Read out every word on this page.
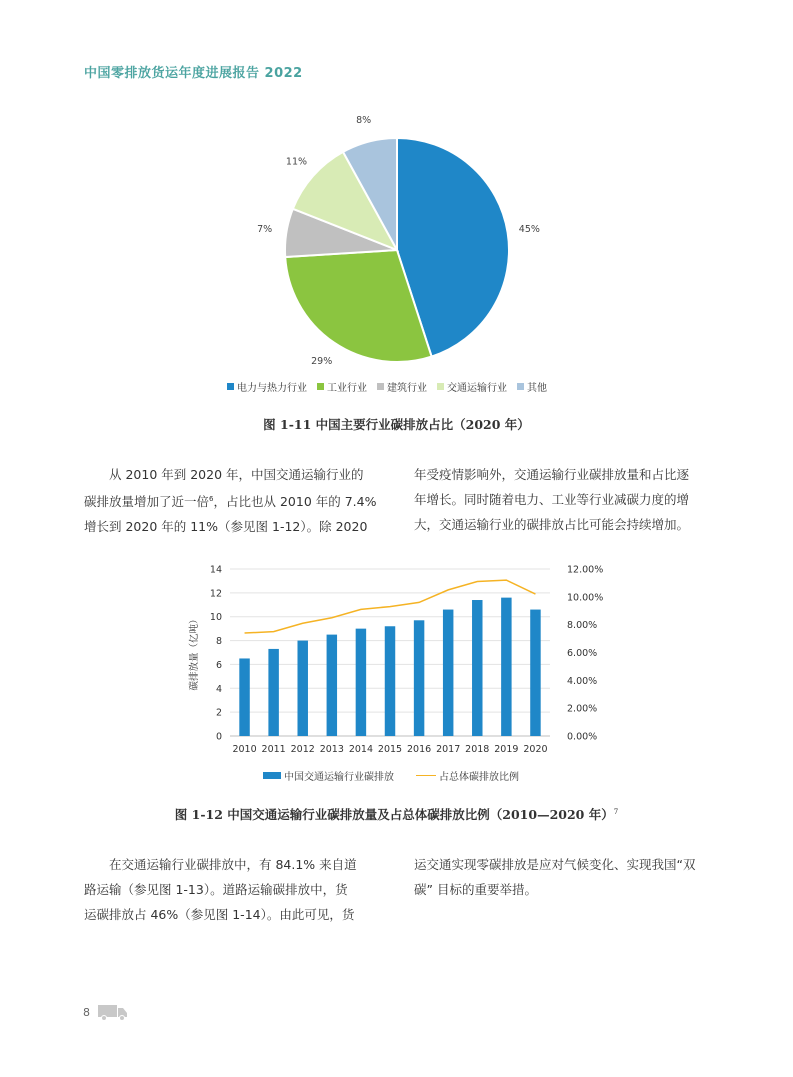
中国零排放货运年度进展报告 2022
45%
29%
7%
11%
8%
电力与热力行业 工业行业 建筑行业 交通运输行业 其他
图 1-11 中国主要行业碳排放占比（2020 年）

从 2010 年到 2020 年，中国交通运输行业的

碳排放量增加了近一倍$^6$，占比也从 2010 年的 7.4%

增长到 2020 年的 11%（参见图 1-12）。除 2020

年受疫情影响外，交通运输行业碳排放量和占比逐

年增长。同时随着电力、工业等行业减碳力度的增

大，交通运输行业的碳排放占比可能会持续增加。

0
2
4
6
8
10
12
14
0.00%
2.00%
4.00%
6.00%
8.00%
10.00%
12.00%
碳排放量（亿吨）
2010 2011 2012 2013 2014 2015 2016 2017 2018 2019 2020
中国交通运输行业碳排放	占总体碳排放比例
图 1-12 中国交通运输行业碳排放量及占总体碳排放比例（2010—2020 年）$^7$

在交通运输行业碳排放中，有 84.1% 来自道

路运输（参见图 1-13）。道路运输碳排放中，货

运碳排放占 46%（参见图 1-14）。由此可见，货

运交通实现零碳排放是应对气候变化、实现我国“双

碳” 目标的重要举措。

8
